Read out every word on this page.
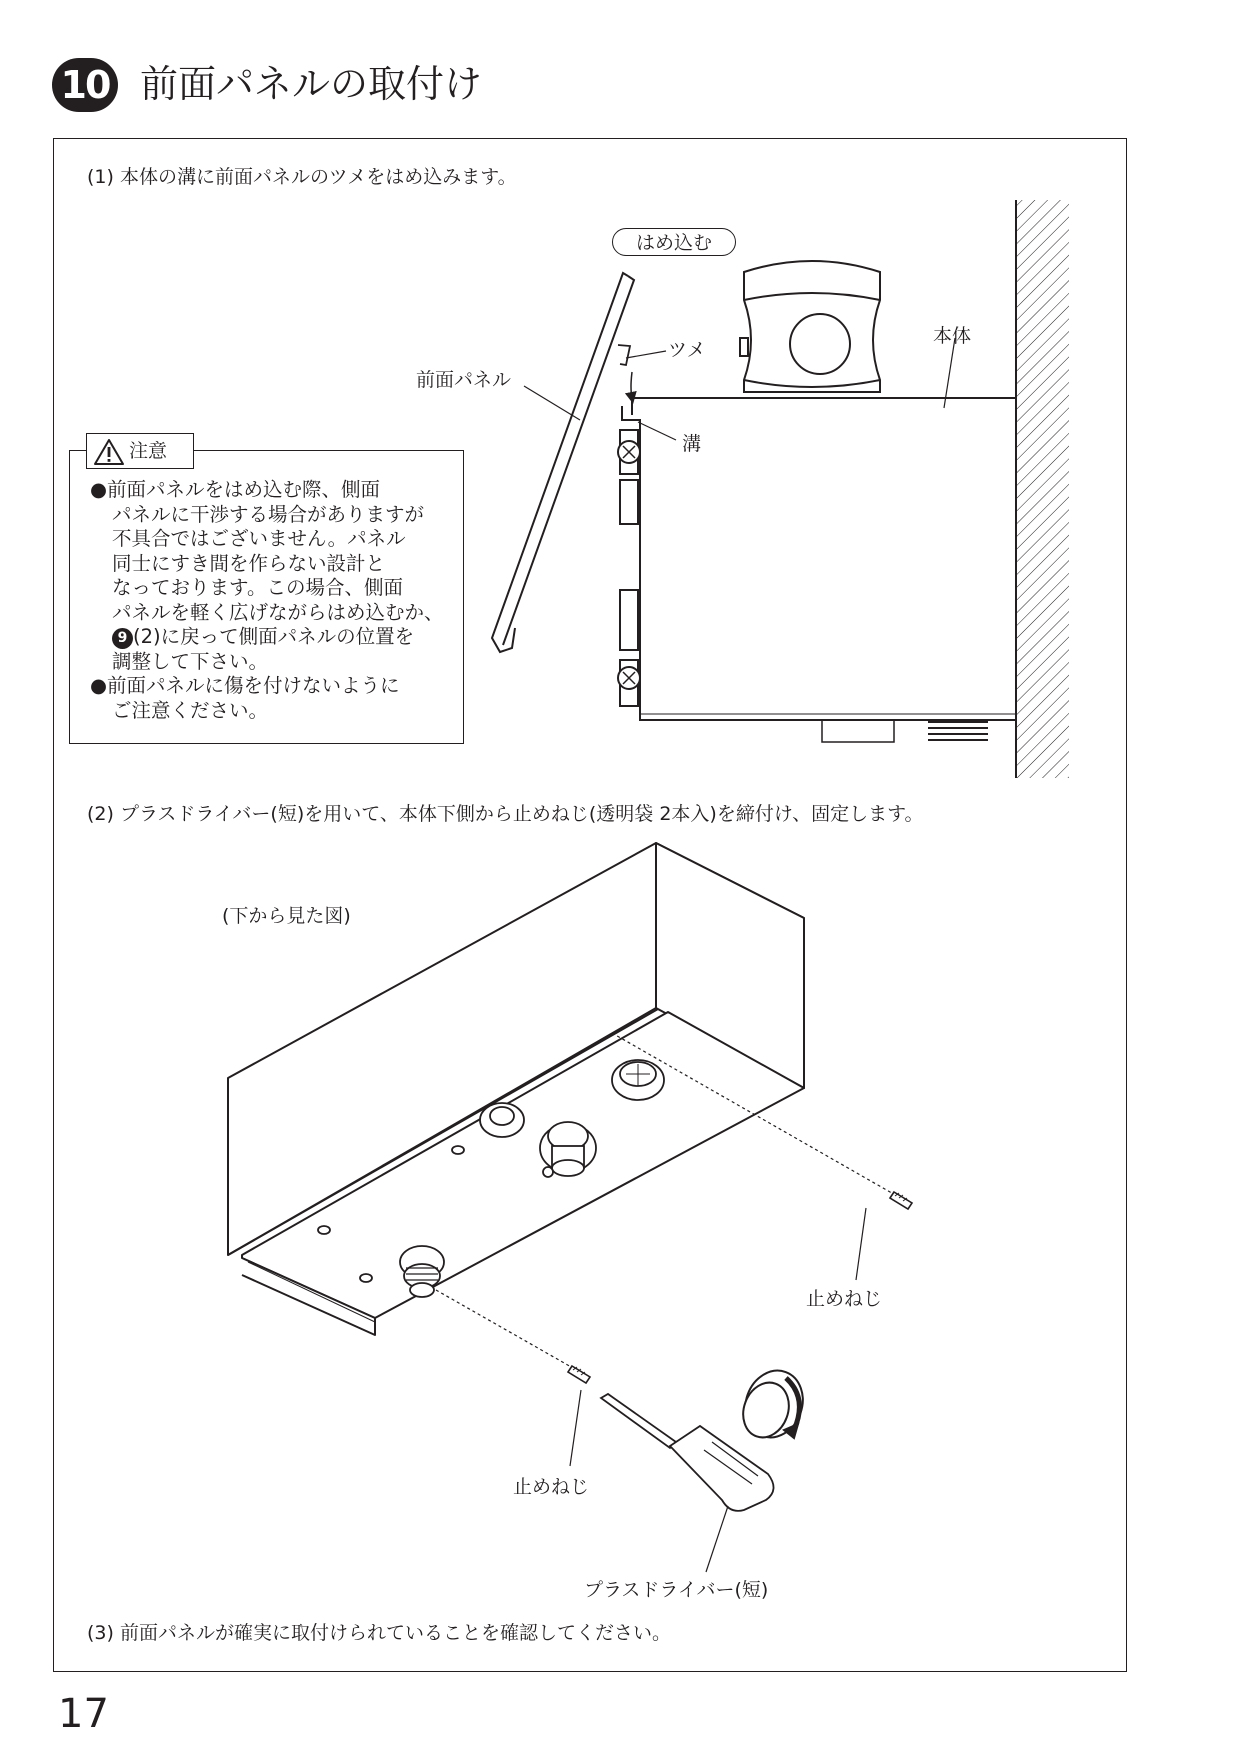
10 前面パネルの取付け
(1) 本体の溝に前面パネルのツメをはめ込みます。
はめ込む
ツメ
本体
前面パネル
溝
注意
●前面パネルをはめ込む際、側面
パネルに干渉する場合がありますが
不具合ではございません。パネル
同士にすき間を作らない設計と
なっております。この場合、側面
パネルを軽く広げながらはめ込むか、
9 (2)に戻って側面パネルの位置を
調整して下さい。
●前面パネルに傷を付けないように
ご注意ください。
(2) プラスドライバー(短)を用いて、本体下側から止めねじ(透明袋 2本入)を締付け、固定します。
(下から見た図)
止めねじ
止めねじ
プラスドライバー(短)
(3) 前面パネルが確実に取付けられていることを確認してください。
17
